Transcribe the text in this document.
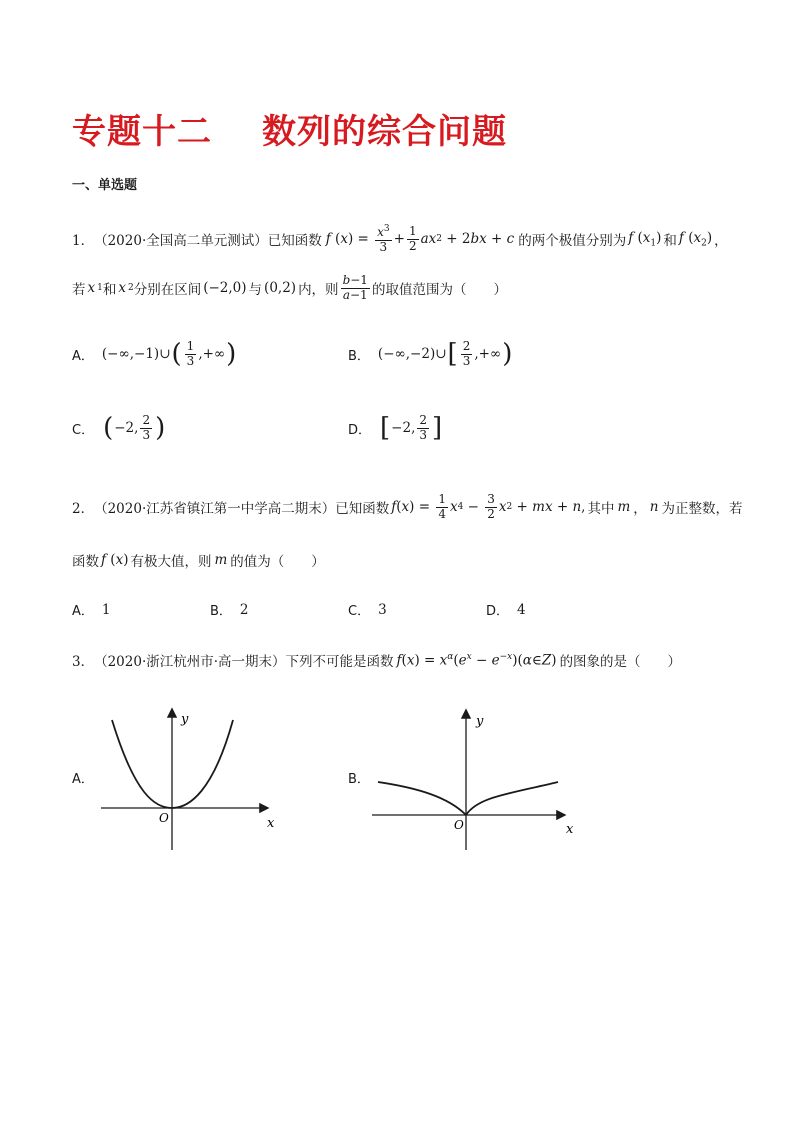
专题十二 数列的综合问题
一、单选题
1． （2020·全国高二单元测试） 已知函数 f ( x ) = $\frac{x^3}{3} + \frac{1}{2}$ ax 2 + 2 bx + c 的两个极值分别为 f $(x_1)$ 和 f $(x_2)$ ，
若 x 1 和 x 2 分别在区间 (−2,0) 与 (0,2) 内，则 $\frac{b-1}{a-1}$ 的取值范围为（　　）
A． (−∞,−1)∪ ( $\frac{1}{3}$ ,+∞ )	B． (−∞,−2)∪ [ $\frac{2}{3}$ ,+∞ )
C． ( −2, $\frac{2}{3}$ )	D． [ −2, $\frac{2}{3}$ ]
2． （2020·江苏省镇江第一中学高二期末） 已知函数 f ( x ) = $\frac{1}{4}$ x $4 - \frac{3}{2}$ x 2 + mx + n , 其中 m ， n 为正整数，若
函数 f (x) 有极大值，则 m 的值为（　　）
A． 1	B． 2	C． 3	D． 4
3． （2020·浙江杭州市·高一期末） 下列不可能是函数 $f(x) = x^\alpha(e^x$ − $e^{-x})(\alpha\in Z)$ 的图象的是（　　）
A．	B．
y
x
O
y
x
O
